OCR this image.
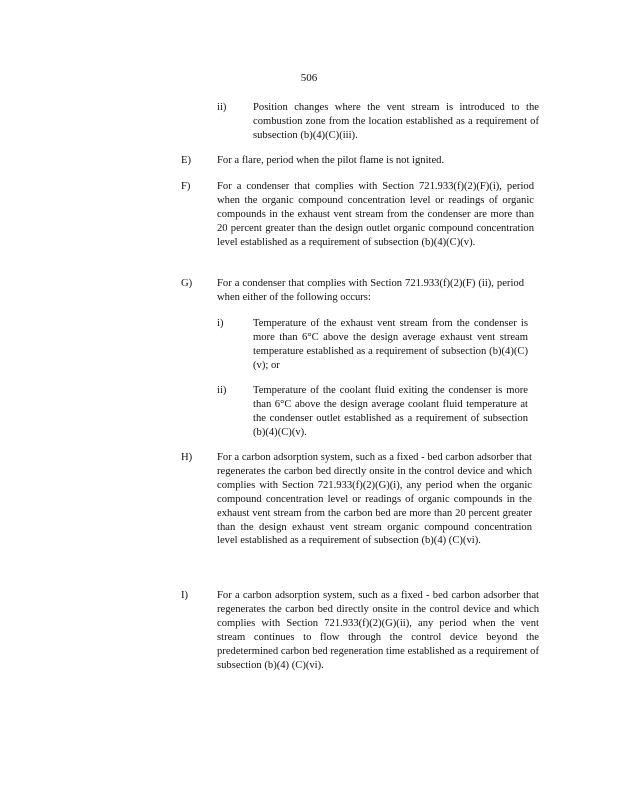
506
ii)	Position changes where the vent stream is introduced to the combustion zone from the location established as a requirement of subsection (b)(4)(C)(iii).
E) For a flare, period when the pilot flame is not ignited.
F)	For a condenser that complies with Section 721.933(f)(2)(F)(i), period when the organic compound concentration level or readings of organic compounds in the exhaust vent stream from the condenser are more than 20 percent greater than the design outlet organic compound concentration level established as a requirement of subsection (b)(4)(C)(v).
G) For a condenser that complies with Section 721.933(f)(2)(F) (ii), period when either of the following occurs:
i)	Temperature of the exhaust vent stream from the condenser is more than 6°C above the design average exhaust vent stream temperature established as a requirement of subsection (b)(4)(C)(v); or
ii)	Temperature of the coolant fluid exiting the condenser is more than 6°C above the design average coolant fluid temperature at the condenser outlet established as a requirement of subsection (b)(4)(C)(v).
H) For a carbon adsorption system, such as a fixed - bed carbon adsorber that regenerates the carbon bed directly onsite in the control device and which complies with Section 721.933(f)(2)(G)(i), any period when the organic compound concentration level or readings of organic compounds in the exhaust vent stream from the carbon bed are more than 20 percent greater than the design exhaust vent stream organic compound concentration level established as a requirement of subsection (b)(4) (C)(vi).
I)	For a carbon adsorption system, such as a fixed - bed carbon adsorber that regenerates the carbon bed directly onsite in the control device and which complies with Section 721.933(f)(2)(G)(ii), any period when the vent stream continues to flow through the control device beyond the predetermined carbon bed regeneration time established as a requirement of subsection (b)(4) (C)(vi).
